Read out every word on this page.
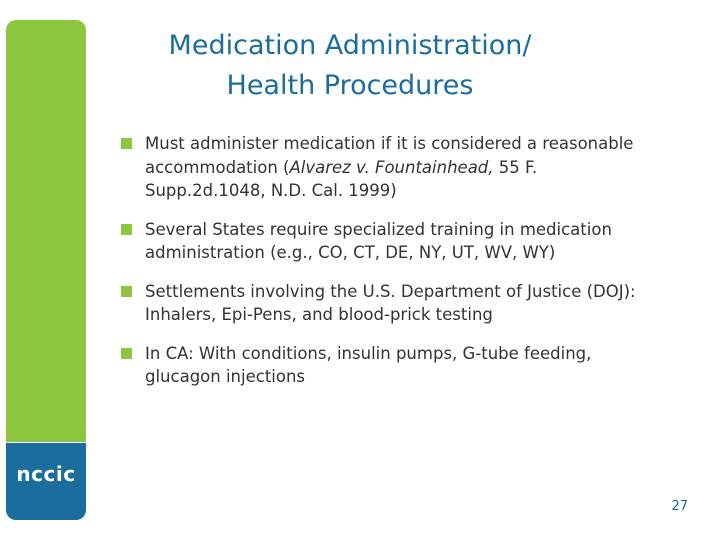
nccic
Medication Administration/
Health Procedures
Must administer medication if it is considered a reasonable
accommodation (Alvarez v. Fountainhead, 55 F.
Supp.2d.1048, N.D. Cal. 1999)
Several States require specialized training in medication
administration (e.g., CO, CT, DE, NY, UT, WV, WY)
Settlements involving the U.S. Department of Justice (DOJ):
Inhalers, Epi-Pens, and blood-prick testing
In CA: With conditions, insulin pumps, G-tube feeding,
glucagon injections
27
